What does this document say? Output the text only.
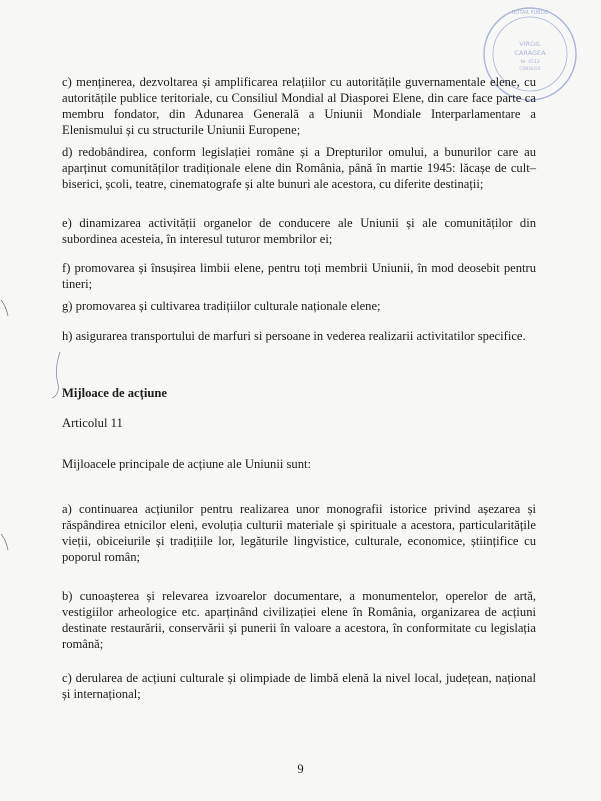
NOTAR PUBLIC
VIRGIL
CARAGEA
Nr. 4513
CONSILIER

c) menținerea, dezvoltarea și amplificarea relațiilor cu autoritățile guvernamentale elene, cu autoritățile publice teritoriale, cu Consiliul Mondial al Diasporei Elene, din care face parte ca membru fondator, din Adunarea Generală a Uniunii Mondiale Interparlamentare a Elenismului și cu structurile Uniunii Europene;

d) redobândirea, conform legislației române și a Drepturilor omului, a bunurilor care au aparținut comunităților tradiționale elene din România, până în martie 1945: lăcașe de cult–biserici, școli, teatre, cinematografe și alte bunuri ale acestora, cu diferite destinații;

e) dinamizarea activității organelor de conducere ale Uniunii și ale comunităților din subordinea acesteia, în interesul tuturor membrilor ei;

f) promovarea și însușirea limbii elene, pentru toți membrii Uniunii, în mod deosebit pentru tineri;

g) promovarea și cultivarea tradițiilor culturale naționale elene;

h) asigurarea transportului de marfuri si persoane in vederea realizarii activitatilor specifice.

Mijloace de acțiune

Articolul 11

Mijloacele principale de acțiune ale Uniunii sunt:

a) continuarea acțiunilor pentru realizarea unor monografii istorice privind așezarea și răspândirea etnicilor eleni, evoluția culturii materiale și spirituale a acestora, particularitățile vieții, obiceiurile și tradițiile lor, legăturile lingvistice, culturale, economice, științifice cu poporul român;

b) cunoașterea și relevarea izvoarelor documentare, a monumentelor, operelor de artă, vestigiilor arheologice etc. aparținând civilizației elene în România, organizarea de acțiuni destinate restaurării, conservării și punerii în valoare a acestora, în conformitate cu legislația română;

c) derularea de acțiuni culturale și olimpiade de limbă elenă la nivel local, județean, național și internațional;

9
